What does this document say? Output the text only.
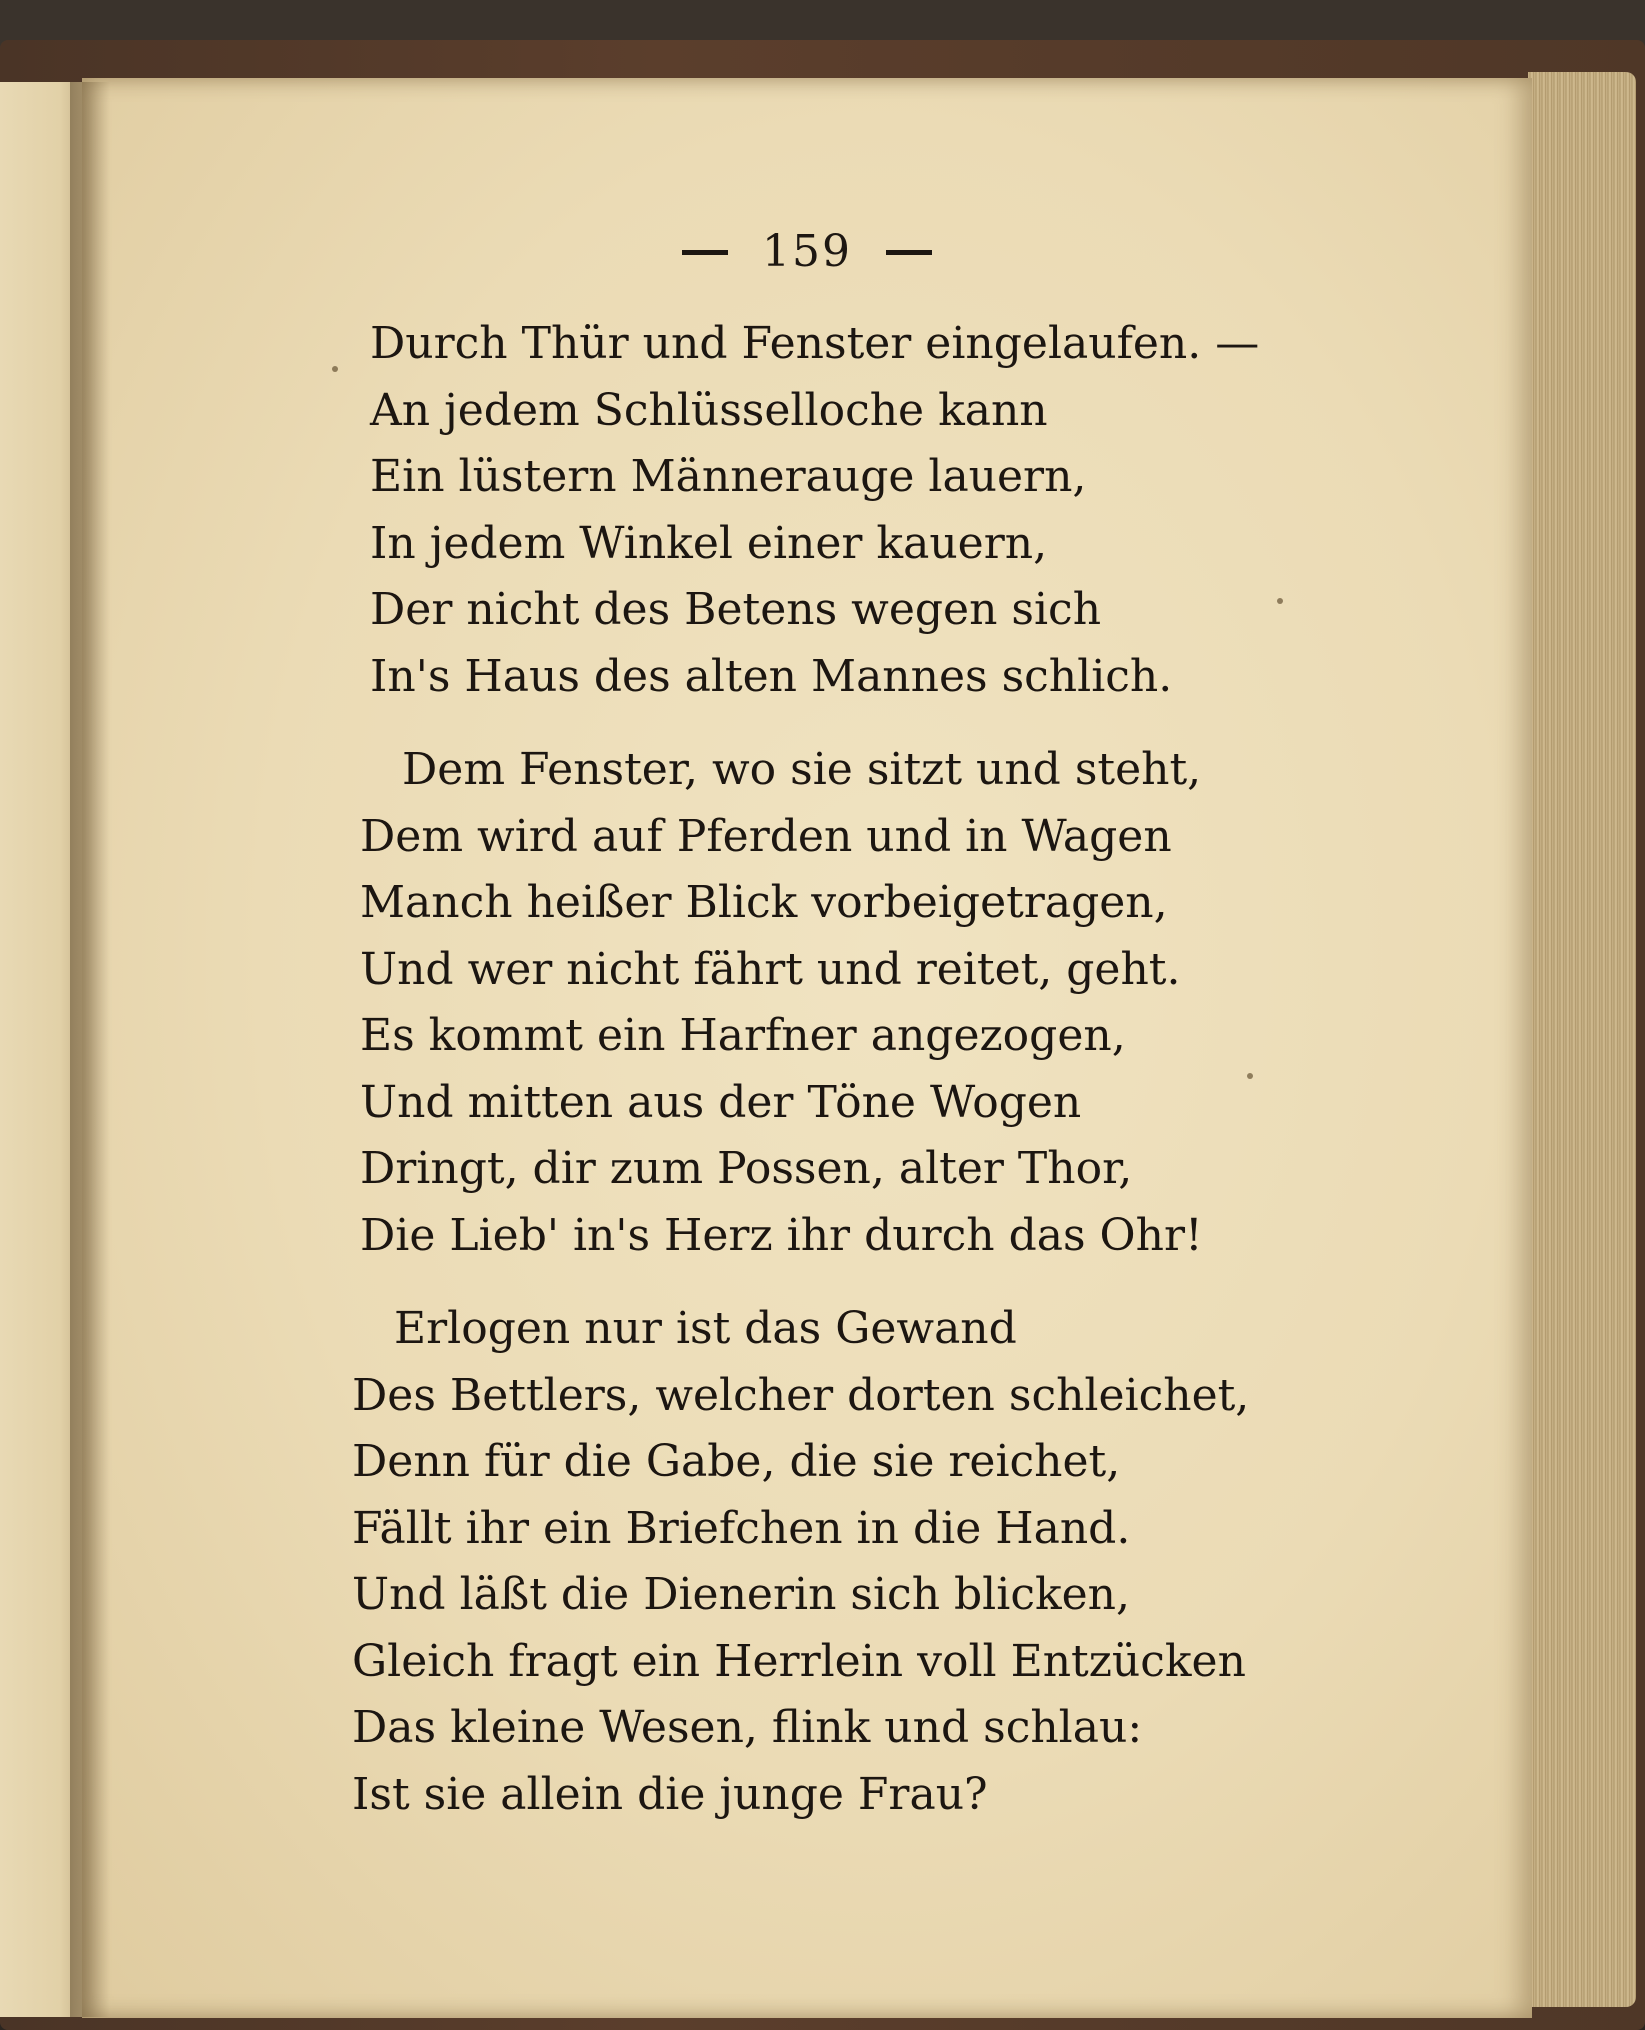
159
Durch Thür und Fenster eingelaufen. —
An jedem Schlüsselloche kann
Ein lüstern Männerauge lauern,
In jedem Winkel einer kauern,
Der nicht des Betens wegen sich
In's Haus des alten Mannes schlich.
Dem Fenster, wo sie sitzt und steht,
Dem wird auf Pferden und in Wagen
Manch heißer Blick vorbeigetragen,
Und wer nicht fährt und reitet, geht.
Es kommt ein Harfner angezogen,
Und mitten aus der Töne Wogen
Dringt, dir zum Possen, alter Thor,
Die Lieb' in's Herz ihr durch das Ohr!
Erlogen nur ist das Gewand
Des Bettlers, welcher dorten schleichet,
Denn für die Gabe, die sie reichet,
Fällt ihr ein Briefchen in die Hand.
Und läßt die Dienerin sich blicken,
Gleich fragt ein Herrlein voll Entzücken
Das kleine Wesen, flink und schlau:
Ist sie allein die junge Frau?
